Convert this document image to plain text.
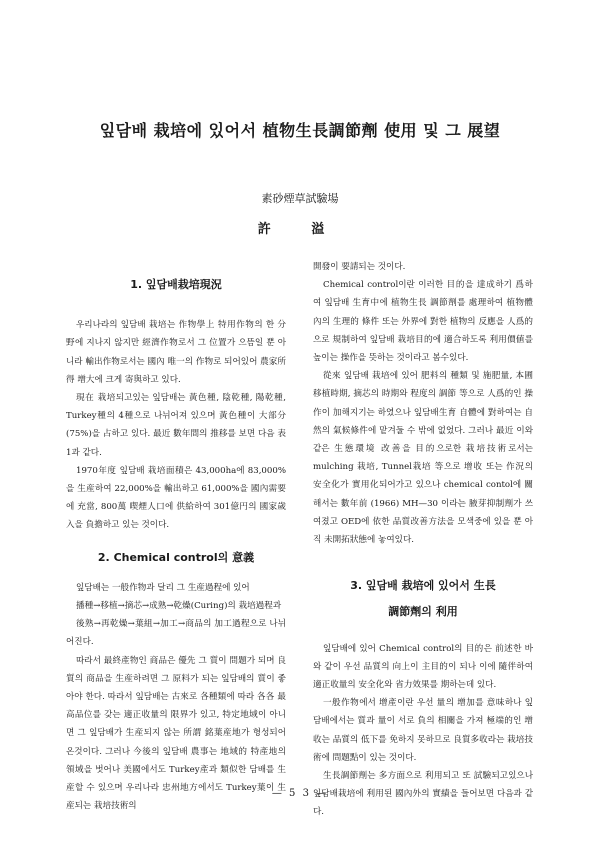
잎담배 栽培에 있어서 植物生長調節劑 使用 및 그 展望
素砂煙草試驗場
許 溢
1. 잎담배栽培現況

우리나라의 잎담배 栽培는 作物學上 特用作物의 한 分野에 지나지 않지만 經濟作物로서 그 位置가 으뜸일 뿐 아니라 輸出作物로서는 國內 唯一의 作物로 되어있어 農家所得 增大에 크게 寄與하고 있다.

現在 栽培되고있는 잎담배는 黃色種, 陰乾種, 陽乾種, Turkey種의 4種으로 나뉘어져 있으며 黃色種이 大部分 (75%)을 占하고 있다. 最近 數年間의 推移를 보면 다음 表 1과 같다.

1970年度 잎담배 栽培面積은 43,000ha에 83,000%을 生産하여 22,000%을 輸出하고 61,000%을 國內需要에 充當, 800萬 喫煙人口에 供給하여 301億円의 國家歲入을 負擔하고 있는 것이다.

2. Chemical control의 意義

잎담배는 一般作物과 달리 그 生産過程에 있어

播種→移植→摘芯→成熟→乾燥(Curing)의 栽培過程과

後熟→再乾燥→葉組→加工→商品의 加工過程으로 나뉘어진다.

따라서 最終產物인 商品은 優先 그 質이 問題가 되며 良質의 商品을 生産하려면 그 原料가 되는 잎담배의 質이 좋아야 한다. 따라서 잎담배는 古來로 各種類에 따라 各各 最高品位를 갖는 適正收量의 限界가 있고, 特定地域이 아니면 그 잎담배가 生産되지 않는 所謂 銘葉産地가 형성되어온것이다. 그러나 今後의 잎담배 農事는 地域的 特產地의 領域을 벗어나 美國에서도 Turkey產과 類似한 담배를 生産할 수 있으며 우리나라 忠州地方에서도 Turkey葉이 生産되는 栽培技術의

開發이 要請되는 것이다.

Chemical control이란 이러한 目的을 達成하기 爲하여 잎담배 生育中에 植物生長 調節劑를 處理하여 植物體內의 生理的 條件 또는 外界에 對한 植物의 反應을 人爲的으로 規制하여 잎담배 栽培目的에 適合하도록 利用價値를 높이는 操作을 뜻하는 것이라고 봄수있다.

從來 잎담배 栽培에 있어 肥料의 種類 및 施肥量, 本圃移植時期, 摘芯의 時期와 程度의 調節 等으로 人爲的인 操作이 加해지기는 하였으나 잎담배生育 自體에 對하여는 自然의 氣候條件에 맡겨둘 수 밖에 없었다. 그러나 最近 이와같은 生態環境 改善을 目的으로한 栽培技術로서는 mulching 栽培, Tunnel栽培 等으로 增收 또는 作況의 安全化가 實用化되어가고 있으나 chemical contol에 關해서는 數年前 (1966) MH—30 이라는 腋芽抑制劑가 쓰여졌고 OED에 依한 品質改善方法을 모색중에 있을 뿐 아직 未開拓狀態에 놓여있다.

3. 잎담배 栽培에 있어서 生長
調節劑의 利用

잎담배에 있어 Chemical control의 目的은 前述한 바와 같이 우선 品質의 向上이 主目的이 되나 이에 隨伴하여 適正收量의 安全化와 省力效果를 期하는데 있다.

一般作物에서 增產이란 우선 量의 增加를 意味하나 잎담배에서는 質과 量이 서로 負의 相關을 가져 極端的인 增收는 品質의 低下를 免하지 못하므로 良質多收라는 栽培技術에 問題點이 있는 것이다.

生長調節劑는 多方面으로 利用되고 또 試驗되고있으나 잎담배栽培에 利用된 國內外의 實績을 들어보면 다음과 같다.

— 5 3 —
